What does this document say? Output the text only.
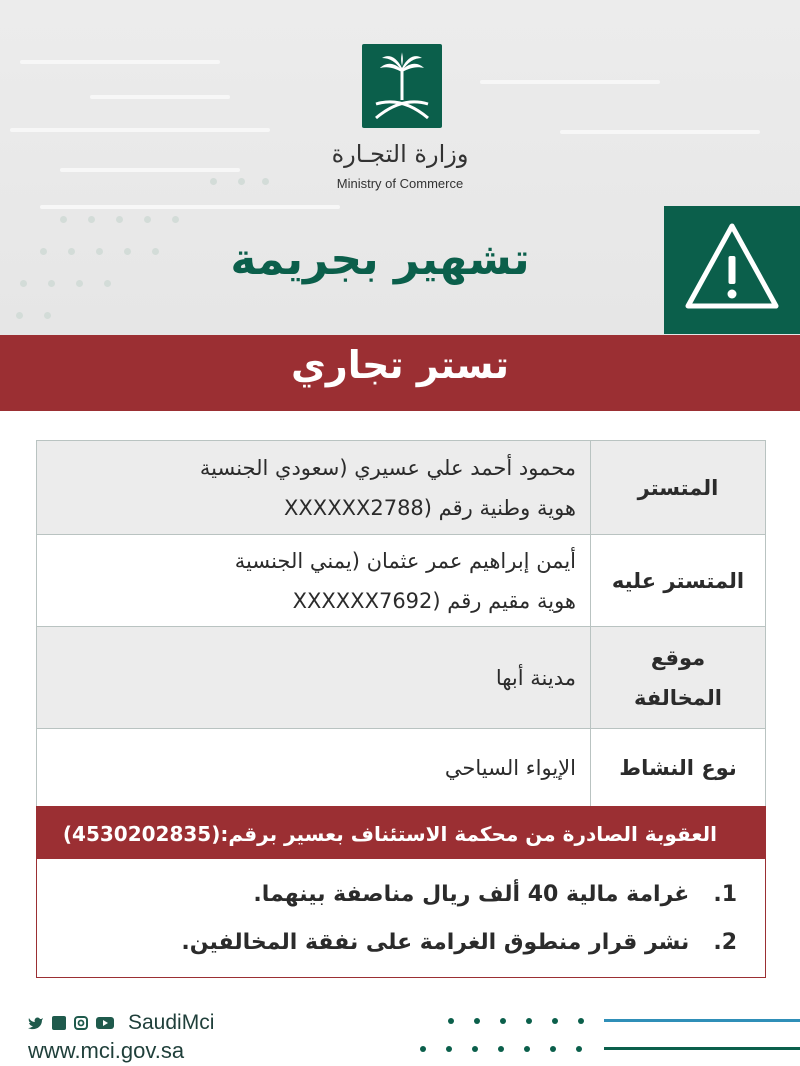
وزارة التجـارة
Ministry of Commerce
تشهير بجريمة
تستر تجاري
المتستر	محمود أحمد علي عسيري (سعودي الجنسية
هوية وطنية رقم (XXXXXX2788

المتستر عليه	أيمن إبراهيم عمر عثمان (يمني الجنسية
هوية مقيم رقم (XXXXXX7692

موقع المخالفة	مدينة أبها

نوع النشاط	الإيواء السياحي
العقوبة الصادرة من محكمة الاستئناف بعسير برقم:(4530202835)
1. غرامة مالية 40 ألف ريال مناصفة بينهما.
2. نشر قرار منطوق الغرامة على نفقة المخالفين.
SaudiMci
www.mci.gov.sa
